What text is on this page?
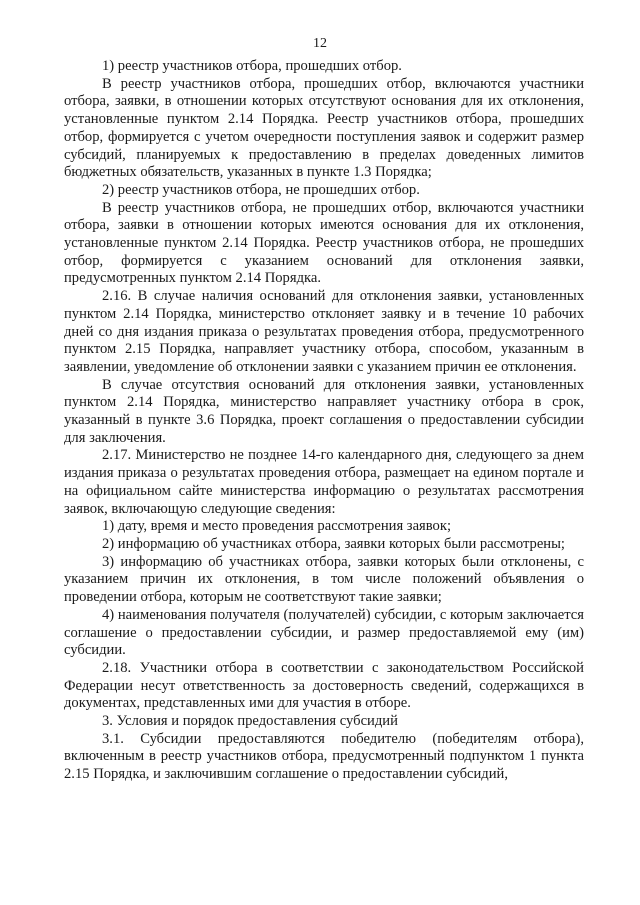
12

1) реестр участников отбора, прошедших отбор.

В реестр участников отбора, прошедших отбор, включаются участники отбора, заявки, в отношении которых отсутствуют основания для их отклонения, установленные пунктом 2.14 Порядка. Реестр участников отбора, прошедших отбор, формируется с учетом очередности поступления заявок и содержит размер субсидий, планируемых к предоставлению в пределах доведенных лимитов бюджетных обязательств, указанных в пункте 1.3 Порядка;

2) реестр участников отбора, не прошедших отбор.

В реестр участников отбора, не прошедших отбор, включаются участники отбора, заявки в отношении которых имеются основания для их отклонения, установленные пунктом 2.14 Порядка. Реестр участников отбора, не прошедших отбор, формируется с указанием оснований для отклонения заявки, предусмотренных пунктом 2.14 Порядка.

2.16. В случае наличия оснований для отклонения заявки, установленных пунктом 2.14 Порядка, министерство отклоняет заявку и в течение 10 рабочих дней со дня издания приказа о результатах проведения отбора, предусмотренного пунктом 2.15 Порядка, направляет участнику отбора, способом, указанным в заявлении, уведомление об отклонении заявки с указанием причин ее отклонения.

В случае отсутствия оснований для отклонения заявки, установленных пунктом 2.14 Порядка, министерство направляет участнику отбора в срок, указанный в пункте 3.6 Порядка, проект соглашения о предоставлении субсидии для заключения.

2.17. Министерство не позднее 14-го календарного дня, следующего за днем издания приказа о результатах проведения отбора, размещает на едином портале и на официальном сайте министерства информацию о результатах рассмотрения заявок, включающую следующие сведения:

1) дату, время и место проведения рассмотрения заявок;

2) информацию об участниках отбора, заявки которых были рассмотрены;

3) информацию об участниках отбора, заявки которых были отклонены, с указанием причин их отклонения, в том числе положений объявления о проведении отбора, которым не соответствуют такие заявки;

4) наименования получателя (получателей) субсидии, с которым заключается соглашение о предоставлении субсидии, и размер предоставляемой ему (им) субсидии.

2.18. Участники отбора в соответствии с законодательством Российской Федерации несут ответственность за достоверность сведений, содержащихся в документах, представленных ими для участия в отборе.

3. Условия и порядок предоставления субсидий

3.1. Субсидии предоставляются победителю (победителям отбора), включенным в реестр участников отбора, предусмотренный подпунктом 1 пункта 2.15 Порядка, и заключившим соглашение о предоставлении субсидий,
